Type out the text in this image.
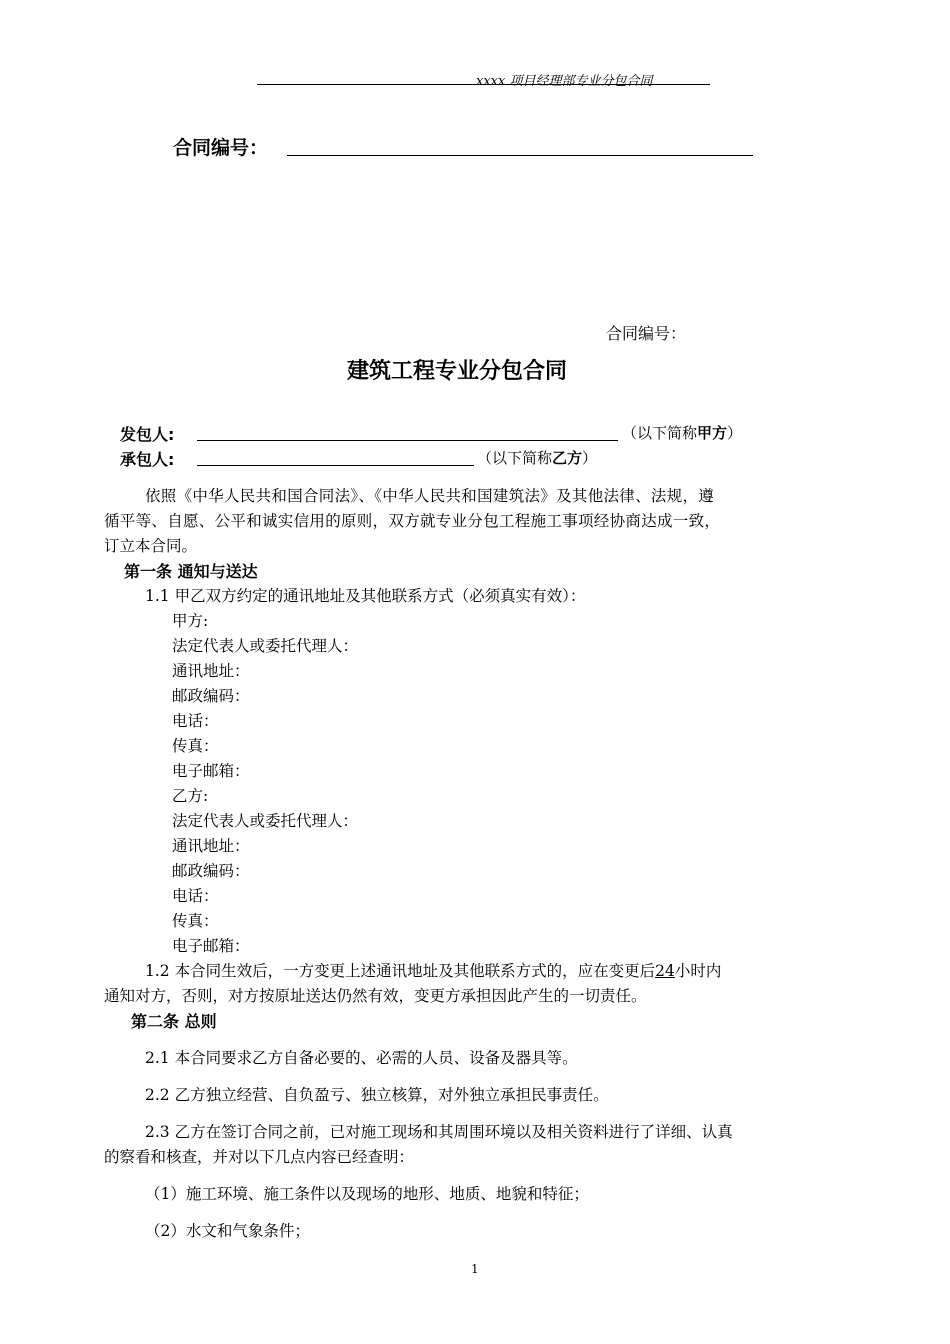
xxxx 项目经理部专业分包合同
合同编号：
合同编号：
建筑工程专业分包合同
发包人:	（以下简称甲方）
承包人:	（以下简称乙方）
依照《中华人民共和国合同法》、《中华人民共和国建筑法》及其他法律、法规，遵
循平等、自愿、公平和诚实信用的原则，双方就专业分包工程施工事项经协商达成一致，
订立本合同。
第一条 通知与送达
1.1 甲乙双方约定的通讯地址及其他联系方式（必须真实有效）：
甲方:
法定代表人或委托代理人：
通讯地址：
邮政编码：
电话：
传真：
电子邮箱：
乙方:
法定代表人或委托代理人：
通讯地址：
邮政编码：
电话：
传真：
电子邮箱：
1.2 本合同生效后，一方变更上述通讯地址及其他联系方式的，应在变更后24小时内
通知对方，否则，对方按原址送达仍然有效，变更方承担因此产生的一切责任。
第二条 总则
2.1 本合同要求乙方自备必要的、必需的人员、设备及器具等。
2.2 乙方独立经营、自负盈亏、独立核算，对外独立承担民事责任。
2.3 乙方在签订合同之前，已对施工现场和其周围环境以及相关资料进行了详细、认真
的察看和核查，并对以下几点内容已经查明：
（1）施工环境、施工条件以及现场的地形、地质、地貌和特征；
（2）水文和气象条件；
1
